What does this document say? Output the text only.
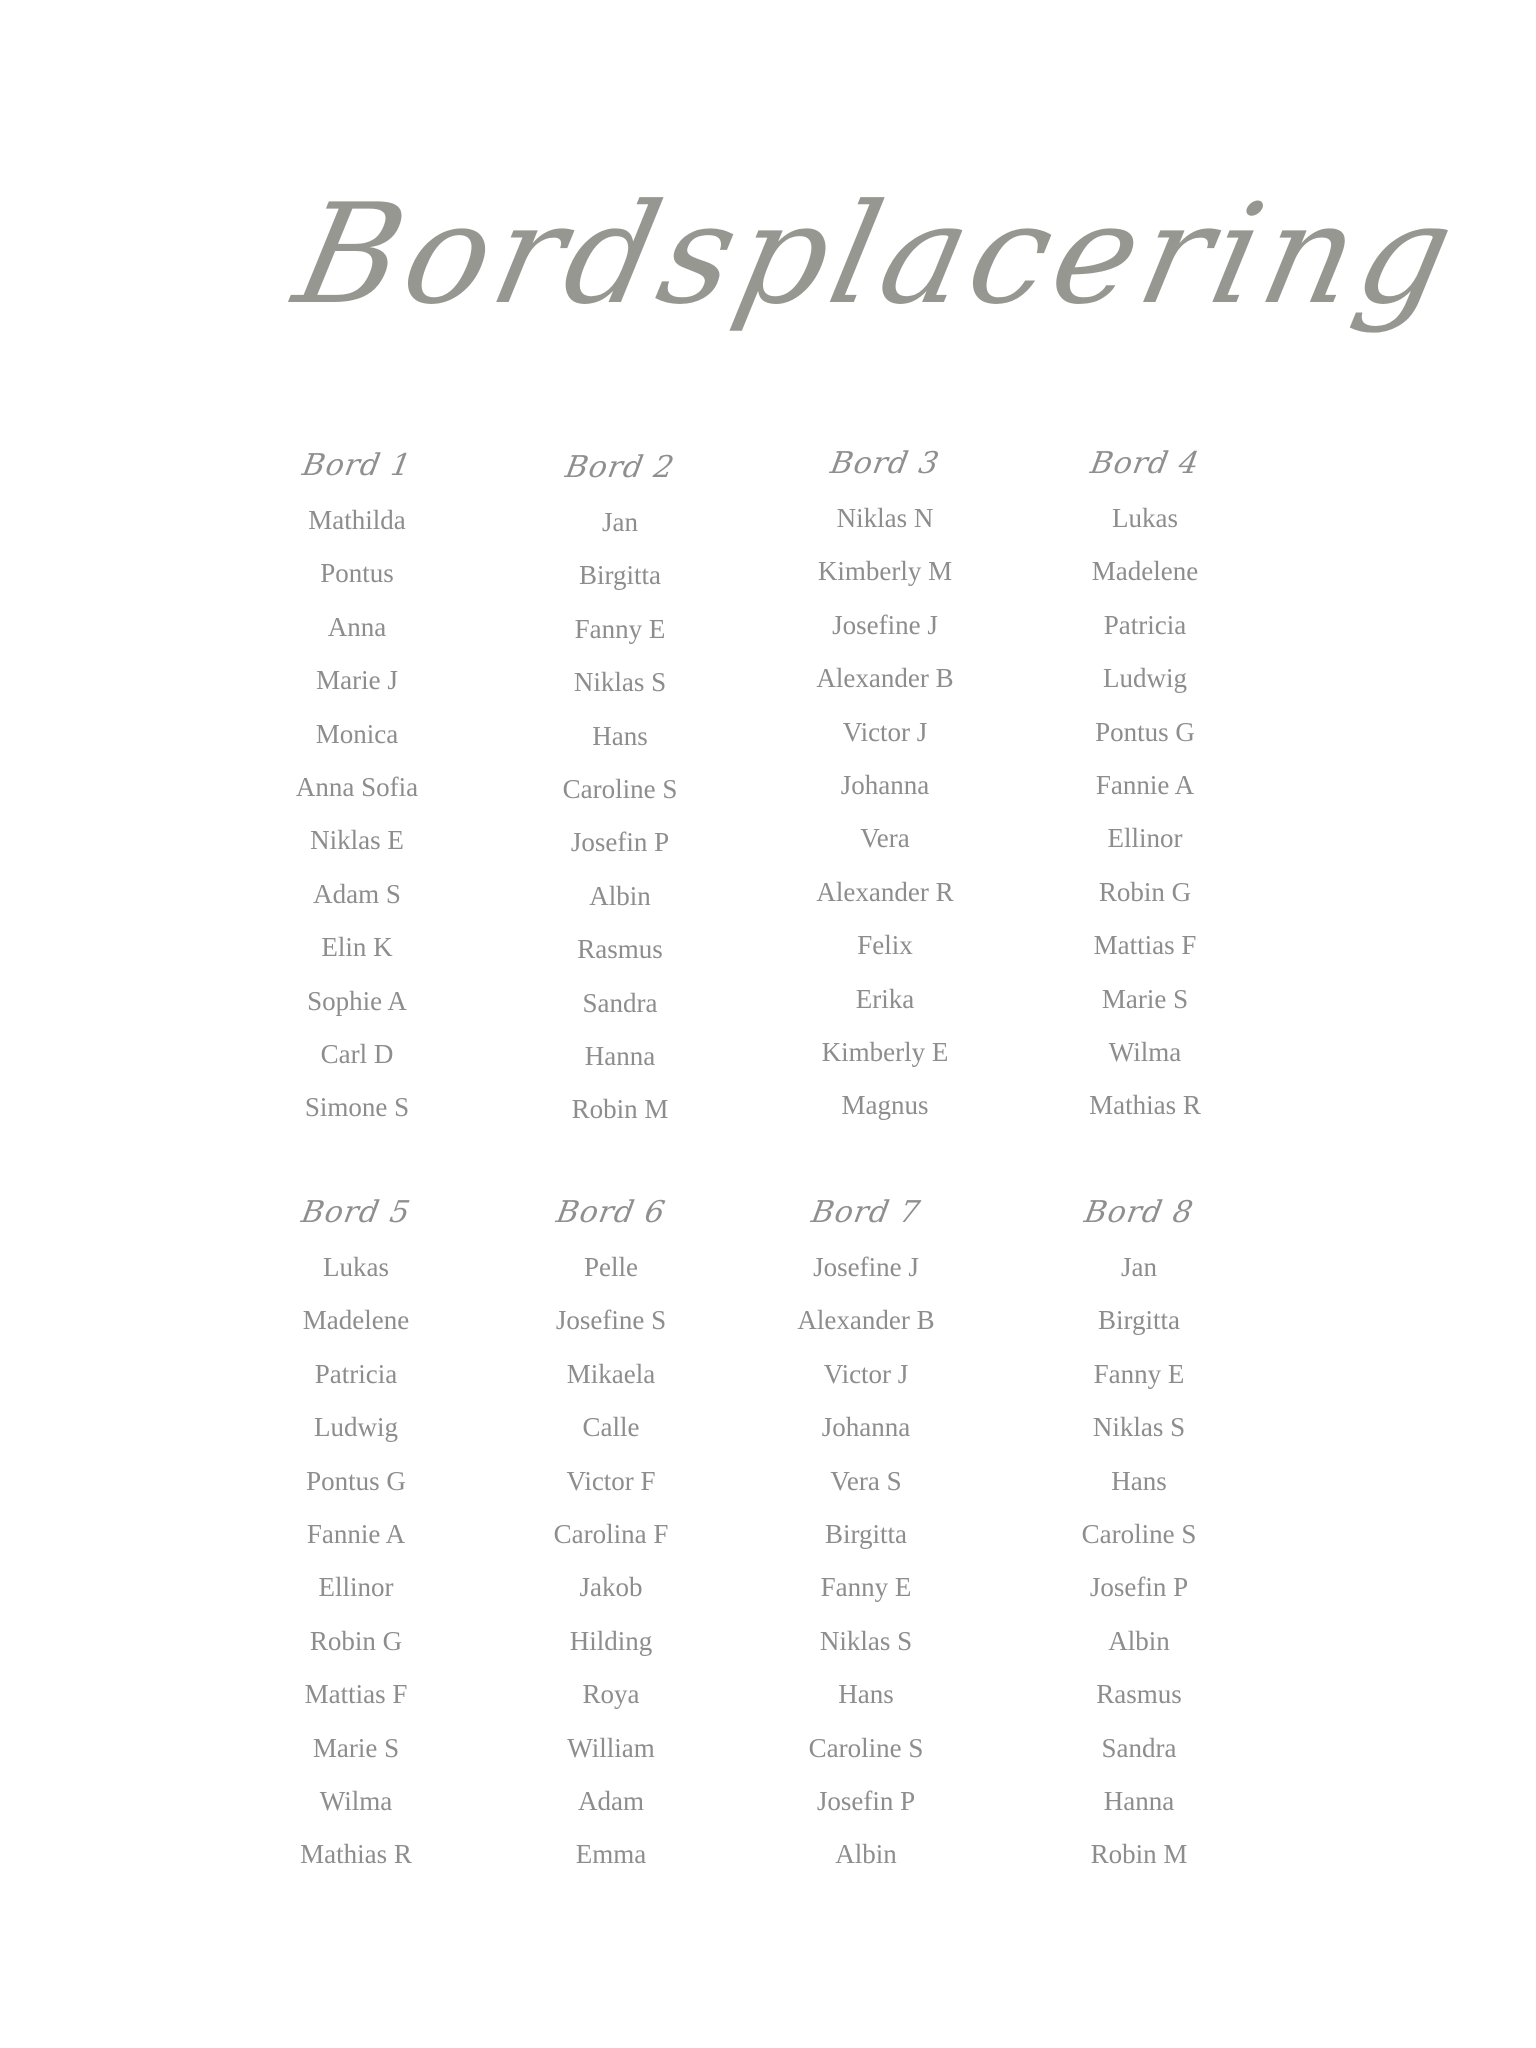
Bordsplacering
Bord 1
Mathilda
Pontus
Anna
Marie J
Monica
Anna Sofia
Niklas E
Adam S
Elin K
Sophie A
Carl D
Simone S
Bord 2
Jan
Birgitta
Fanny E
Niklas S
Hans
Caroline S
Josefin P
Albin
Rasmus
Sandra
Hanna
Robin M
Bord 3
Niklas N
Kimberly M
Josefine J
Alexander B
Victor J
Johanna
Vera
Alexander R
Felix
Erika
Kimberly E
Magnus
Bord 4
Lukas
Madelene
Patricia
Ludwig
Pontus G
Fannie A
Ellinor
Robin G
Mattias F
Marie S
Wilma
Mathias R
Bord 5
Lukas
Madelene
Patricia
Ludwig
Pontus G
Fannie A
Ellinor
Robin G
Mattias F
Marie S
Wilma
Mathias R
Bord 6
Pelle
Josefine S
Mikaela
Calle
Victor F
Carolina F
Jakob
Hilding
Roya
William
Adam
Emma
Bord 7
Josefine J
Alexander B
Victor J
Johanna
Vera S
Birgitta
Fanny E
Niklas S
Hans
Caroline S
Josefin P
Albin
Bord 8
Jan
Birgitta
Fanny E
Niklas S
Hans
Caroline S
Josefin P
Albin
Rasmus
Sandra
Hanna
Robin M
